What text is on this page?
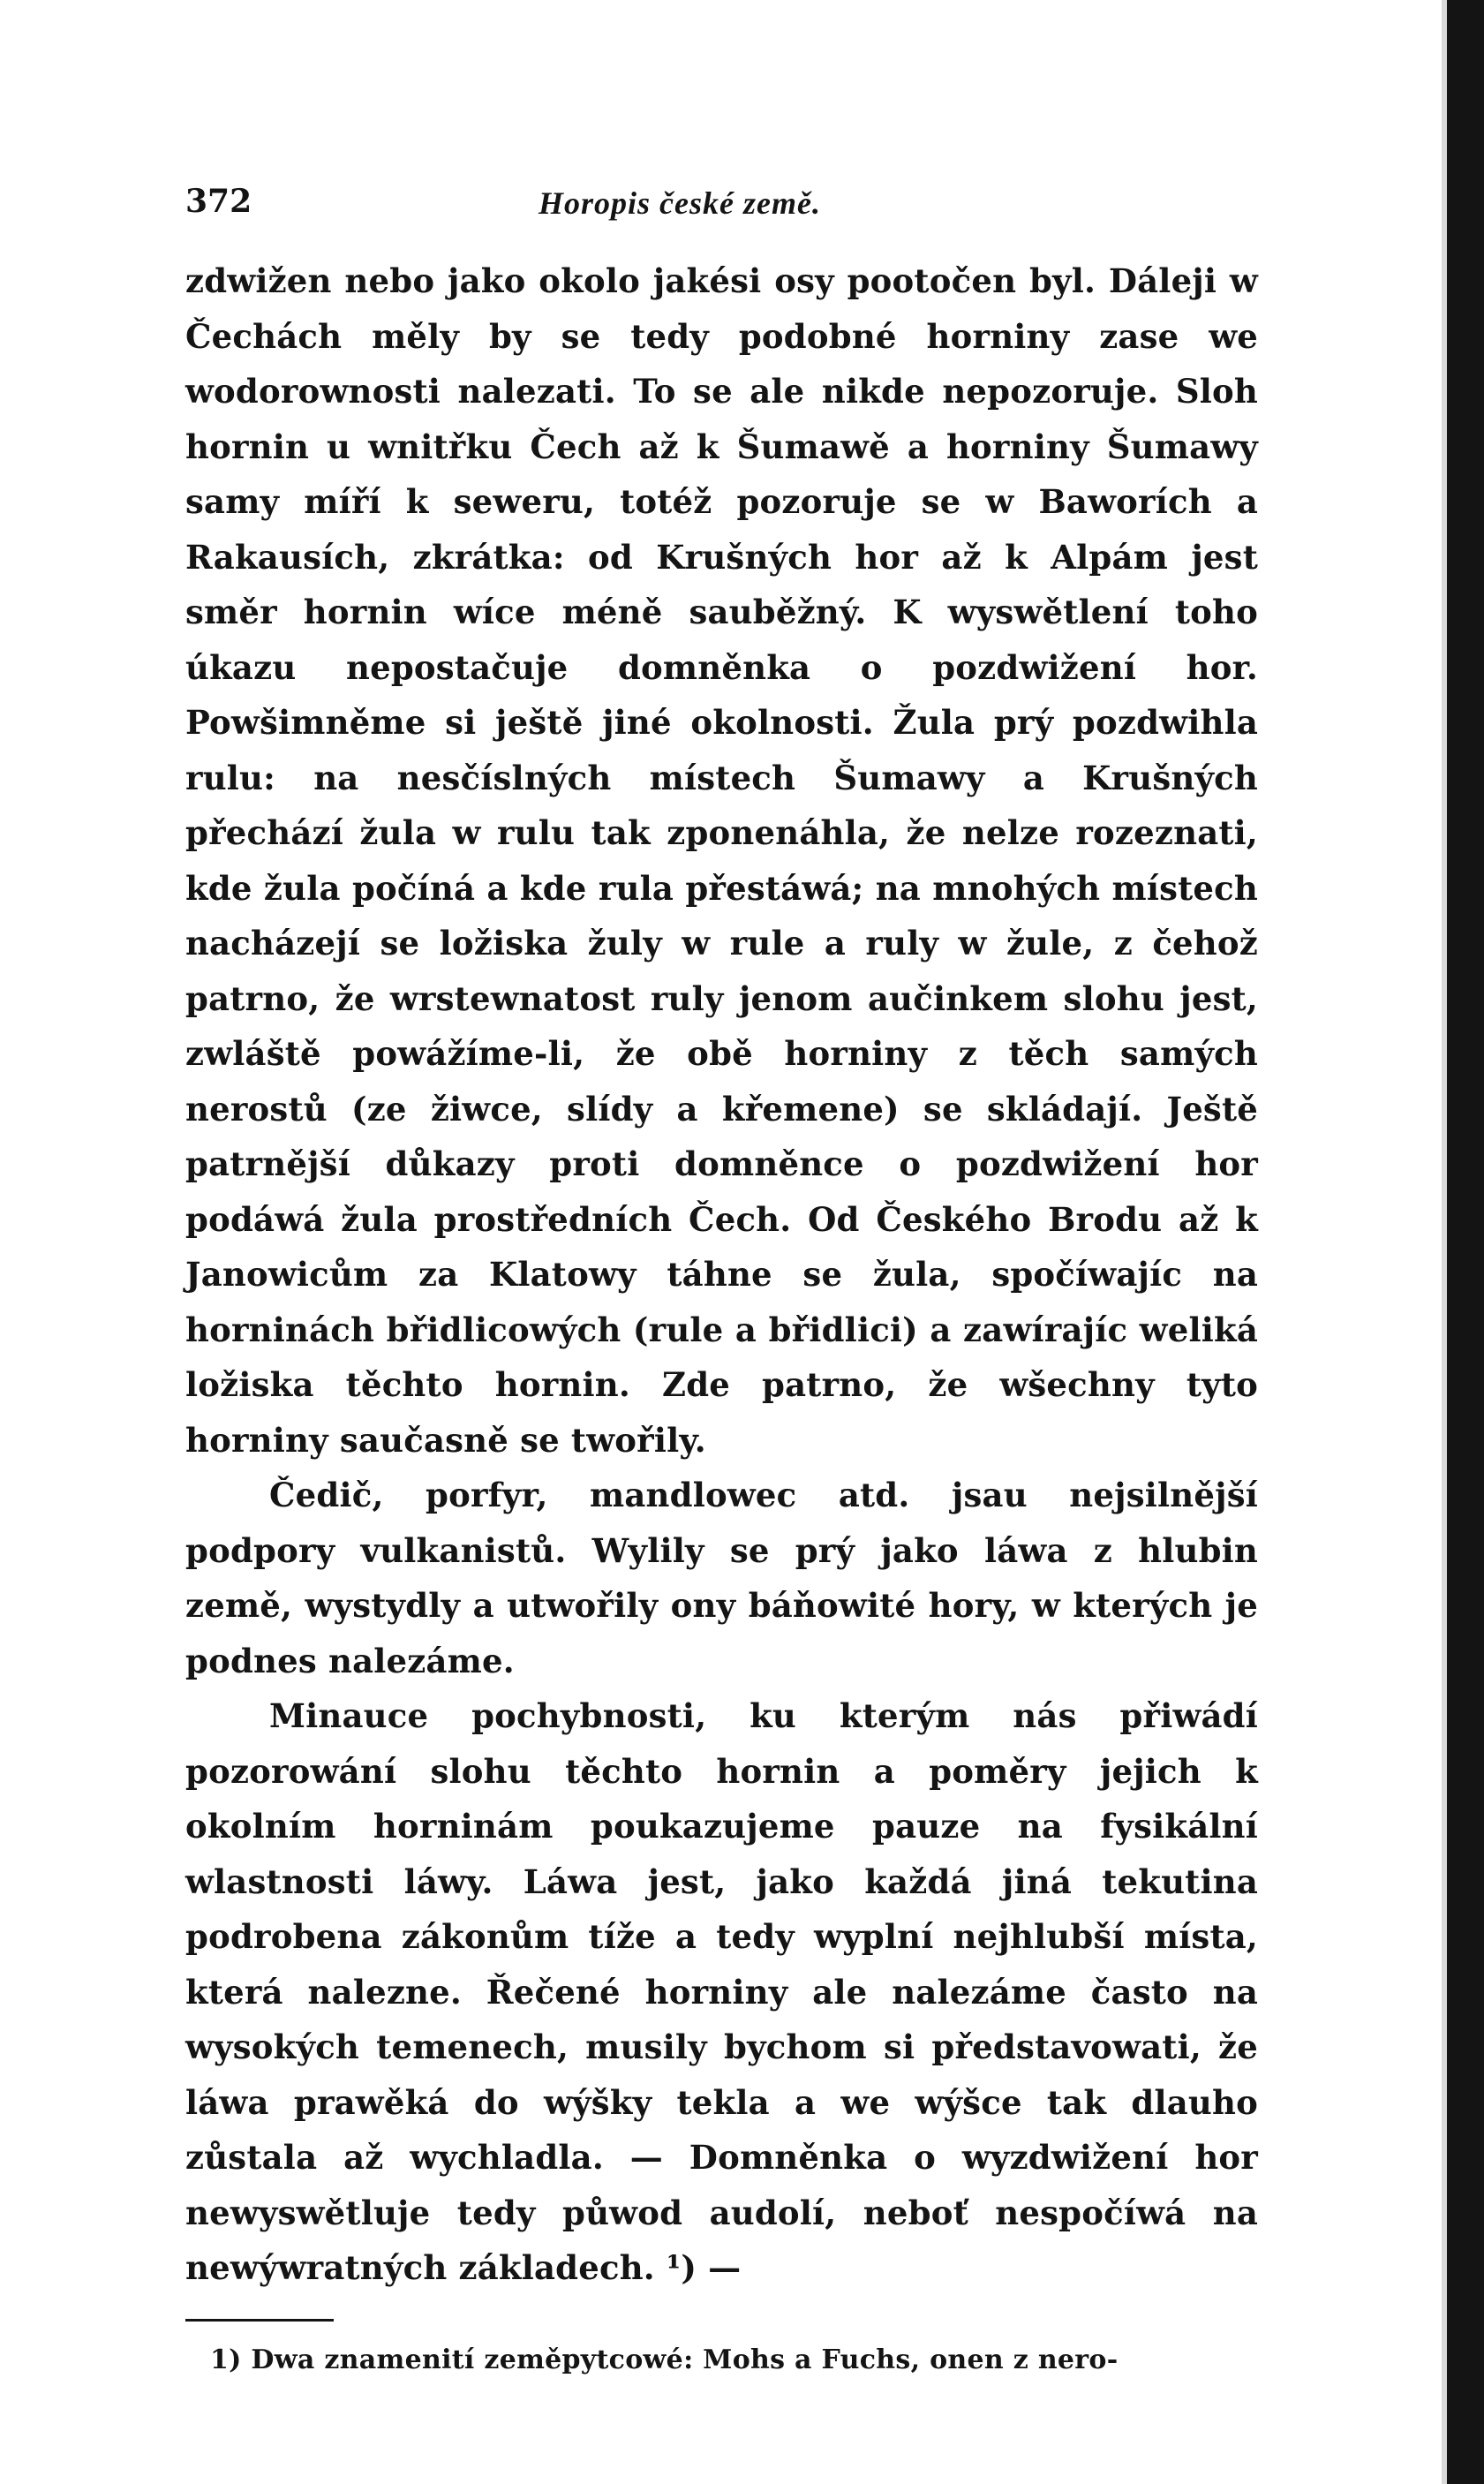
372	Horopis české země.

zdwižen nebo jako okolo jakési osy pootočen byl. Dáleji w Čechách měly by se tedy podobné horniny zase we wodorownosti nalezati. To se ale nikde nepozoruje. Sloh hornin u wnitřku Čech až k Šumawě a horniny Šumawy samy míří k seweru, totéž pozoruje se w Baworích a Rakausích, zkrátka: od Krušných hor až k Alpám jest směr hornin wíce méně sauběžný. K wyswětlení toho úkazu nepostačuje domněnka o pozdwižení hor. Powšimněme si ještě jiné okolnosti. Žula prý pozdwihla rulu: na nesčíslných místech Šumawy a Krušných přechází žula w rulu tak zponenáhla, že nelze rozeznati, kde žula počíná a kde rula přestáwá; na mnohých místech nacházejí se ložiska žuly w rule a ruly w žule, z čehož patrno, že wrstewnatost ruly jenom aučinkem slohu jest, zwláště powážíme-li, že obě horniny z těch samých nerostů (ze žiwce, slídy a křemene) se skládají. Ještě patrnější důkazy proti domněnce o pozdwižení hor podáwá žula prostředních Čech. Od Českého Brodu až k Janowicům za Klatowy táhne se žula, spočíwajíc na horninách břidlicowých (rule a břidlici) a zawírajíc weliká ložiska těchto hornin. Zde patrno, že wšechny tyto horniny saučasně se twořily.

Čedič, porfyr, mandlowec atd. jsau nejsilnější podpory vulkanistů. Wylily se prý jako láwa z hlubin země, wystydly a utwořily ony báňowité hory, w kterých je podnes nalezáme.

Minauce pochybnosti, ku kterým nás přiwádí pozorowání slohu těchto hornin a poměry jejich k okolním horninám poukazujeme pauze na fysikální wlastnosti láwy. Láwa jest, jako každá jiná tekutina podrobena zákonům tíže a tedy wyplní nejhlubší místa, která nalezne. Řečené horniny ale nalezáme často na wysokých temenech, musily bychom si představowati, že láwa prawěká do wýšky tekla a we wýšce tak dlauho zůstala až wychladla. — Domněnka o wyzdwižení hor newyswětluje tedy půwod audolí, neboť nespočíwá na newýwratných základech. ¹) —

1) Dwa znamenití zeměpytcowé: Mohs a Fuchs, onen z nero-
